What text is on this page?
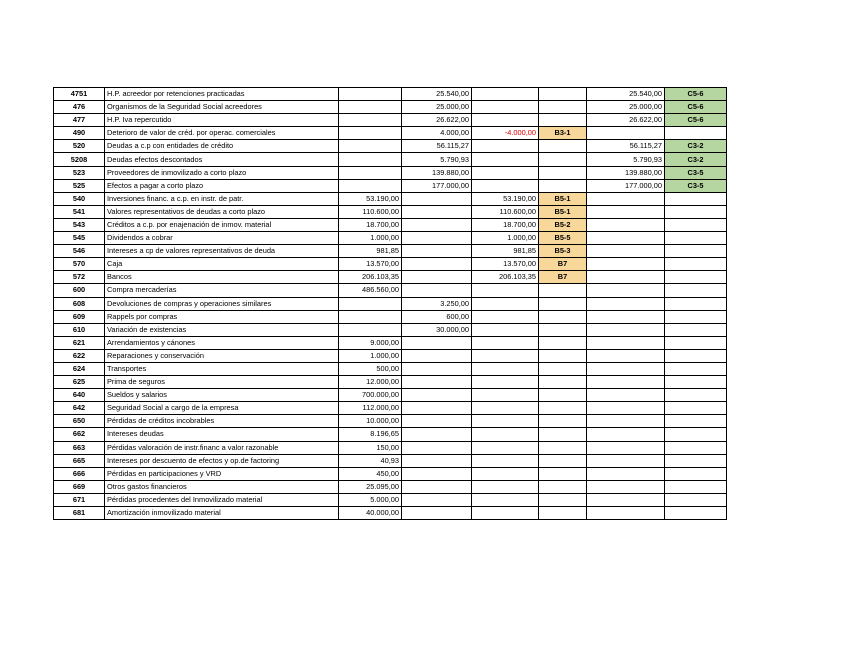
4751	H.P. acreedor por retenciones practicadas		25.540,00			25.540,00	C5-6
476	Organismos de la Seguridad Social acreedores		25.000,00			25.000,00	C5-6
477	H.P. Iva repercutido		26.622,00			26.622,00	C5-6
490	Deterioro de valor de créd. por operac. comerciales		4.000,00	-4.000,00	B3-1		
520	Deudas a c.p con entidades de crédito		56.115,27			56.115,27	C3-2
5208	Deudas efectos descontados		5.790,93			5.790,93	C3-2
523	Proveedores de inmovilizado a corto plazo		139.880,00			139.880,00	C3-5
525	Efectos a pagar a corto plazo		177.000,00			177.000,00	C3-5
540	Inversiones financ. a c.p. en instr. de patr.	53.190,00		53.190,00	B5-1		
541	Valores representativos de deudas a corto plazo	110.600,00		110.600,00	B5-1		
543	Créditos a c.p. por enajenación de inmov. material	18.700,00		18.700,00	B5-2		
545	Dividendos a cobrar	1.000,00		1.000,00	B5-5		
546	Intereses a cp de valores representativos de deuda	981,85		981,85	B5-3		
570	Caja	13.570,00		13.570,00	B7		
572	Bancos	206.103,35		206.103,35	B7		
600	Compra mercaderías	486.560,00					
608	Devoluciones de compras y operaciones similares		3.250,00				
609	Rappels por compras		600,00				
610	Variación de existencias		30.000,00				
621	Arrendamientos y cánones	9.000,00					
622	Reparaciones y conservación	1.000,00					
624	Transportes	500,00					
625	Prima de seguros	12.000,00					
640	Sueldos y salarios	700.000,00					
642	Seguridad Social a cargo de la empresa	112.000,00					
650	Pérdidas de créditos incobrables	10.000,00					
662	Intereses deudas	8.196,65					
663	Pérdidas valoración de instr.financ a valor razonable	150,00					
665	Intereses por descuento de efectos y op.de factoring	40,93					
666	Pérdidas en participaciones y VRD	450,00					
669	Otros gastos financieros	25.095,00					
671	Pérdidas procedentes del Inmovilizado material	5.000,00					
681	Amortización inmovilizado material	40.000,00					
